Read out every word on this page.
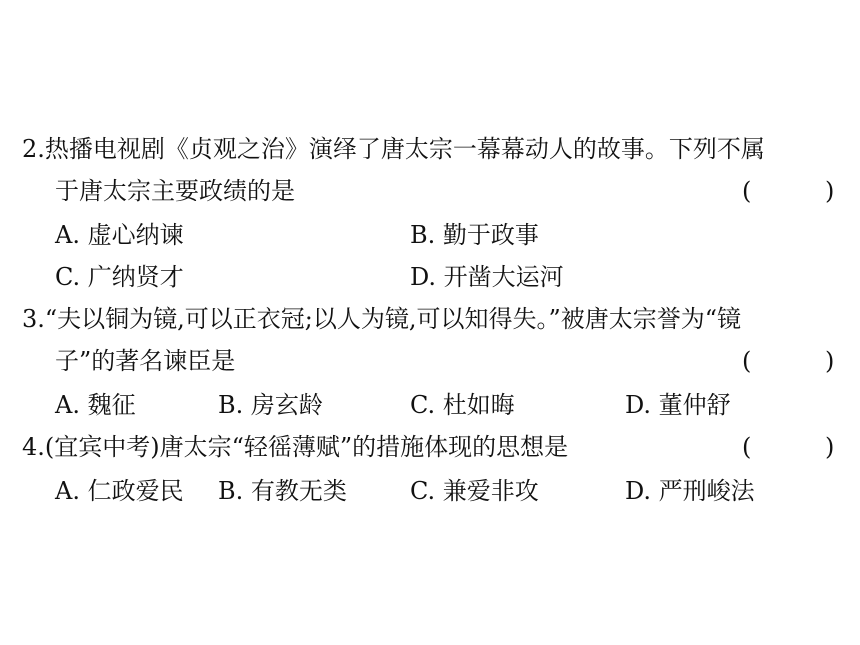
2.热播电视剧《贞观之治》演绎了唐太宗一幕幕动人的故事。下列不属
于唐太宗主要政绩的是	(	)
A. 虚心纳谏	B. 勤于政事
C. 广纳贤才	D. 开凿大运河
3.“夫以铜为镜,可以正衣冠;以人为镜,可以知得失。”被唐太宗誉为“镜
子”的著名谏臣是	(	)
A. 魏征	B. 房玄龄	C. 杜如晦	D. 董仲舒
4.(宜宾中考)唐太宗“轻徭薄赋”的措施体现的思想是	(	)
A. 仁政爱民 B. 有教无类	C. 兼爱非攻	D. 严刑峻法
